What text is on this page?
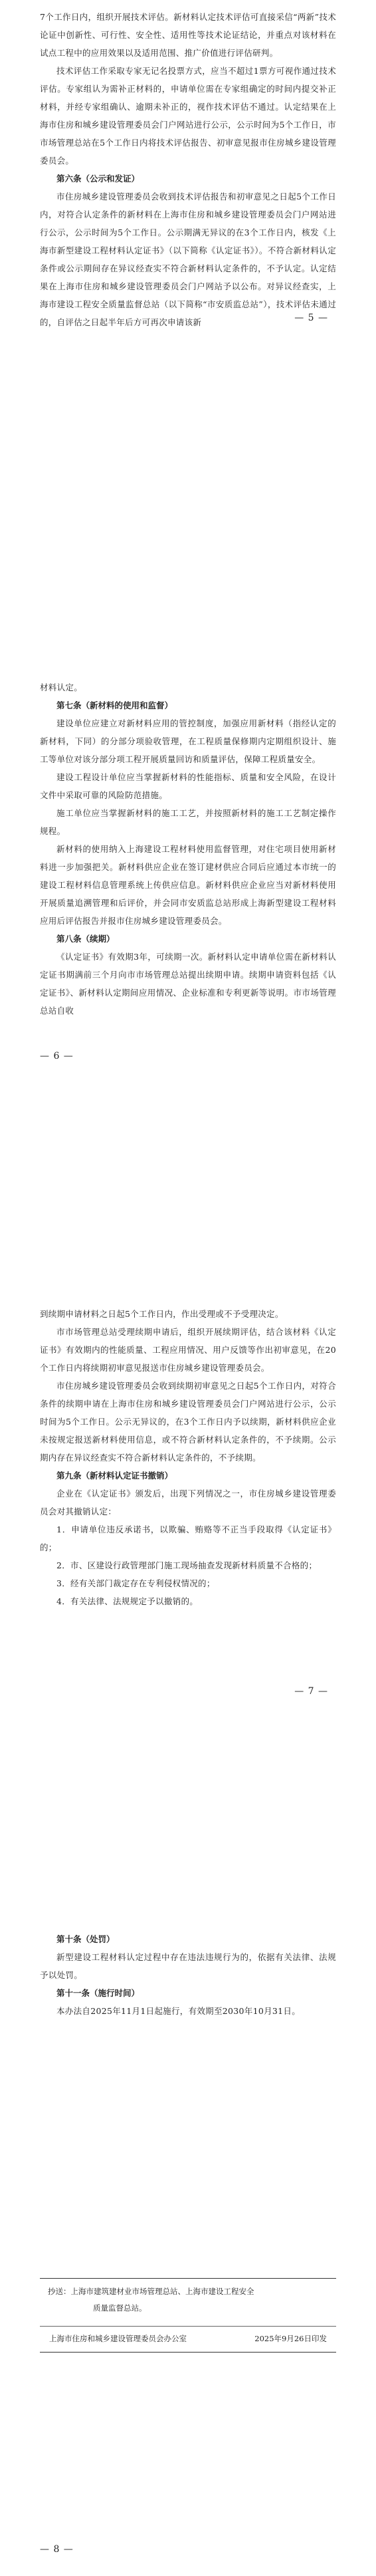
7个工作日内，组织开展技术评估。新材料认定技术评估可直接采信“两新”技术论证中创新性、可行性、安全性、适用性等技术论证结论，并重点对该材料在试点工程中的应用效果以及适用范围、推广价值进行评估研判。

技术评估工作采取专家无记名投票方式，应当不超过1票方可视作通过技术评估。专家组认为需补正材料的，申请单位需在专家组确定的时间内提交补正材料，并经专家组确认、逾期未补正的，视作技术评估不通过。认定结果在上海市住房和城乡建设管理委员会门户网站进行公示，公示时间为5个工作日，市市场管理总站在5个工作日内将技术评估报告、初审意见报市住房城乡建设管理委员会。

第六条（公示和发证）

市住房城乡建设管理委员会收到技术评估报告和初审意见之日起5个工作日内，对符合认定条件的新材料在上海市住房和城乡建设管理委员会门户网站进行公示，公示时间为5个工作日。公示期满无异议的在3个工作日内，核发《上海市新型建设工程材料认定证书》（以下简称《认定证书》）。不符合新材料认定条件或公示期间存在异议经查实不符合新材料认定条件的，不予认定。认定结果在上海市住房和城乡建设管理委员会门户网站予以公布。对异议经查实，上海市建设工程安全质量监督总站（以下简称“市安质监总站”），技术评估未通过的，自评估之日起半年后方可再次申请该新	— 5 —

材料认定。

第七条（新材料的使用和监督）

建设单位应建立对新材料应用的管控制度，加强应用新材料（指经认定的新材料，下同）的分部分项验收管理，在工程质量保修期内定期组织设计、施工等单位对该分部分项工程开展质量回访和质量评估，保障工程质量安全。

建设工程设计单位应当掌握新材料的性能指标、质量和安全风险，在设计文件中采取可靠的风险防范措施。

施工单位应当掌握新材料的施工工艺，并按照新材料的施工工艺制定操作规程。

新材料的使用纳入上海建设工程材料使用监督管理，对住宅项目使用新材料进一步加强把关。新材料供应企业在签订建材供应合同后应通过本市统一的建设工程材料信息管理系统上传供应信息。新材料供应企业应当对新材料使用开展质量追溯管理和后评价，并会同市安质监总站形成上海新型建设工程材料应用后评估报告并报市住房城乡建设管理委员会。

第八条（续期）

《认定证书》有效期3年，可续期一次。新材料认定申请单位需在新材料认定证书期满前三个月向市市场管理总站提出续期申请。续期申请资料包括《认定证书》、新材料认定期间应用情况、企业标准和专利更新等说明。市市场管理总站自收

— 6 —

到续期申请材料之日起5个工作日内，作出受理或不予受理决定。

市市场管理总站受理续期申请后，组织开展续期评估，结合该材料《认定证书》有效期内的性能质量、工程应用情况、用户反馈等作出初审意见，在20个工作日内将续期初审意见报送市住房城乡建设管理委员会。

市住房城乡建设管理委员会收到续期初审意见之日起5个工作日内，对符合条件的续期申请在上海市住房和城乡建设管理委员会门户网站进行公示，公示时间为5个工作日。公示无异议的，在3个工作日内予以续期，新材料供应企业未按规定报送新材料使用信息，或不符合新材料认定条件的，不予续期。公示期内存在异议经查实不符合新材料认定条件的，不予续期。

第九条（新材料认定证书撤销）

企业在《认定证书》颁发后，出现下列情况之一，市住房城乡建设管理委员会对其撤销认定：

1．申请单位违反承诺书，以欺骗、贿赂等不正当手段取得《认定证书》的；

2．市、区建设行政管理部门施工现场抽查发现新材料质量不合格的；

3．经有关部门裁定存在专利侵权情况的；

4．有关法律、法规规定予以撤销的。

— 7 —
第十条（处罚）

新型建设工程材料认定过程中存在违法违规行为的，依据有关法律、法规予以处罚。

第十一条（施行时间）

本办法自2025年11月1日起施行，有效期至2030年10月31日。

抄送：上海市建筑建材业市场管理总站、上海市建设工程安全
质量监督总站。
上海市住房和城乡建设管理委员会办公室	2025年9月26日印发
— 8 —
